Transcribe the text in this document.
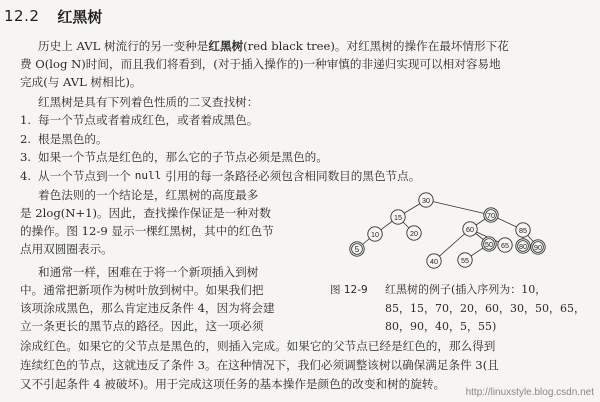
12.2 红黑树
历史上 AVL 树流行的另一变种是红黑树(red black tree)。对红黑树的操作在最坏情形下花
费 O(log N)时间，而且我们将看到，(对于插入操作的)一种审慎的非递归实现可以相对容易地
完成(与 AVL 树相比)。
红黑树是具有下列着色性质的二叉查找树：
1. 每一个节点或者着成红色，或者着成黑色。
2. 根是黑色的。
3. 如果一个节点是红色的，那么它的子节点必须是黑色的。
4. 从一个节点到一个 null 引用的每一条路径必须包含相同数目的黑色节点。
着色法则的一个结论是，红黑树的高度最多
是 2log(N+1)。因此，查找操作保证是一种对数
的操作。图 12-9 显示一棵红黑树，其中的红色节
点用双圆圈表示。
和通常一样，困难在于将一个新项插入到树
中。通常把新项作为树叶放到树中。如果我们把
该项涂成黑色，那么肯定违反条件 4，因为将会建
立一条更长的黑节点的路径。因此，这一项必须
涂成红色。如果它的父节点是黑色的，则插入完成。如果它的父节点已经是红色的，那么得到
连续红色的节点，这就违反了条件 3。在这种情况下，我们必须调整该树以确保满足条件 3(且
又不引起条件 4 被破坏)。用于完成这项任务的基本操作是颜色的改变和树的旋转。
30
15	70
10	20	60	85
5
50 65 80 90
40	55
图 12-9 红黑树的例子(插入序列为：10，
85，15，70，20，60，30，50，65，
80，90，40，5，55)
http://linuxstyle.blog.csdn.net
